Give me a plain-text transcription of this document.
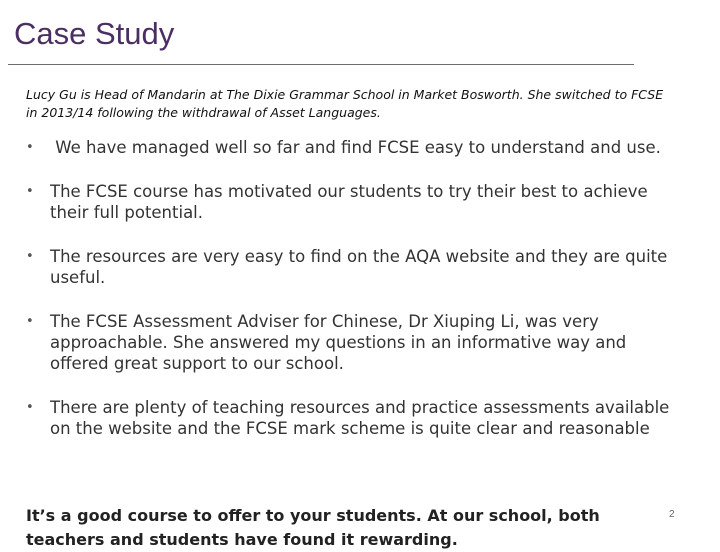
Case Study

Lucy Gu is Head of Mandarin at The Dixie Grammar School in Market Bosworth. She switched to FCSE in 2013/14 following the withdrawal of Asset Languages.

• We have managed well so far and find FCSE easy to understand and use.
• The FCSE course has motivated our students to try their best to achieve their full potential.
• The resources are very easy to find on the AQA website and they are quite useful.
• The FCSE Assessment Adviser for Chinese, Dr Xiuping Li, was very approachable. She answered my questions in an informative way and offered great support to our school.
• There are plenty of teaching resources and practice assessments available on the website and the FCSE mark scheme is quite clear and reasonable

It’s a good course to offer to your students. At our school, both teachers and students have found it rewarding.

2
